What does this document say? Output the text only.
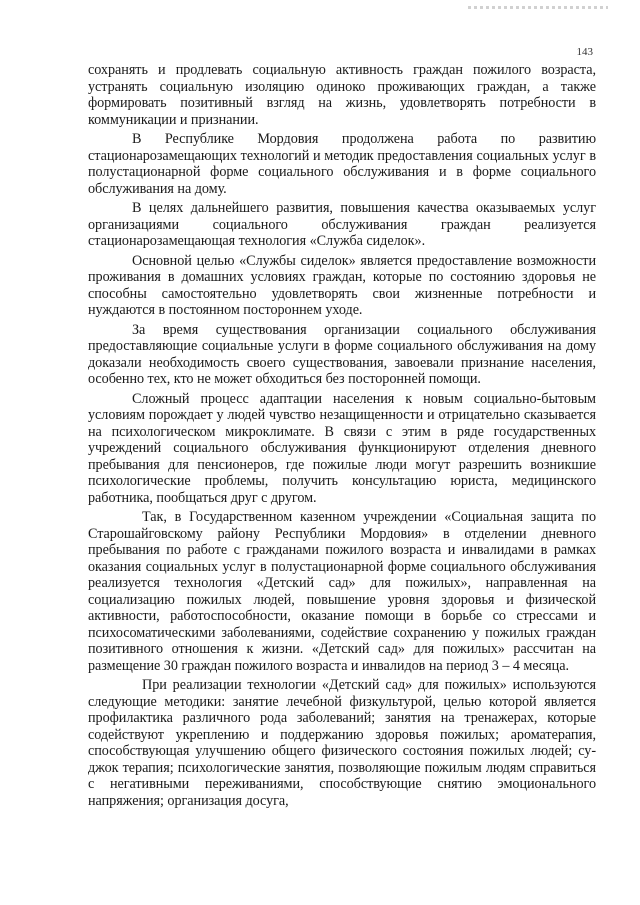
143

сохранять и продлевать социальную активность граждан пожилого возраста, устранять социальную изоляцию одиноко проживающих граждан, а также формировать позитивный взгляд на жизнь, удовлетворять потребности в коммуникации и признании.

В Республике Мордовия продолжена работа по развитию стационарозамещающих технологий и методик предоставления социальных услуг в полустационарной форме социального обслуживания и в форме социального обслуживания на дому.

В целях дальнейшего развития, повышения качества оказываемых услуг организациями социального обслуживания граждан реализуется стационарозамещающая технология «Служба сиделок».

Основной целью «Службы сиделок» является предоставление возможности проживания в домашних условиях граждан, которые по состоянию здоровья не способны самостоятельно удовлетворять свои жизненные потребности и нуждаются в постоянном постороннем уходе.

За время существования организации социального обслуживания предоставляющие социальные услуги в форме социального обслуживания на дому доказали необходимость своего существования, завоевали признание населения, особенно тех, кто не может обходиться без посторонней помощи.

Сложный процесс адаптации населения к новым социально-бытовым условиям порождает у людей чувство незащищенности и отрицательно сказывается на психологическом микроклимате. В связи с этим в ряде государственных учреждений социального обслуживания функционируют отделения дневного пребывания для пенсионеров, где пожилые люди могут разрешить возникшие психологические проблемы, получить консультацию юриста, медицинского работника, пообщаться друг с другом.

Так, в Государственном казенном учреждении «Социальная защита по Старошайговскому району Республики Мордовия» в отделении дневного пребывания по работе с гражданами пожилого возраста и инвалидами в рамках оказания социальных услуг в полустационарной форме социального обслуживания реализуется технология «Детский сад» для пожилых», направленная на социализацию пожилых людей, повышение уровня здоровья и физической активности, работоспособности, оказание помощи в борьбе со стрессами и психосоматическими заболеваниями, содействие сохранению у пожилых граждан позитивного отношения к жизни. «Детский сад» для пожилых» рассчитан на размещение 30 граждан пожилого возраста и инвалидов на период 3 – 4 месяца.

При реализации технологии «Детский сад» для пожилых» используются следующие методики: занятие лечебной физкультурой, целью которой является профилактика различного рода заболеваний; занятия на тренажерах, которые содействуют укреплению и поддержанию здоровья пожилых; ароматерапия, способствующая улучшению общего физического состояния пожилых людей; су-джок терапия; психологические занятия, позволяющие пожилым людям справиться с негативными переживаниями, способствующие снятию эмоционального напряжения; организация досуга,
